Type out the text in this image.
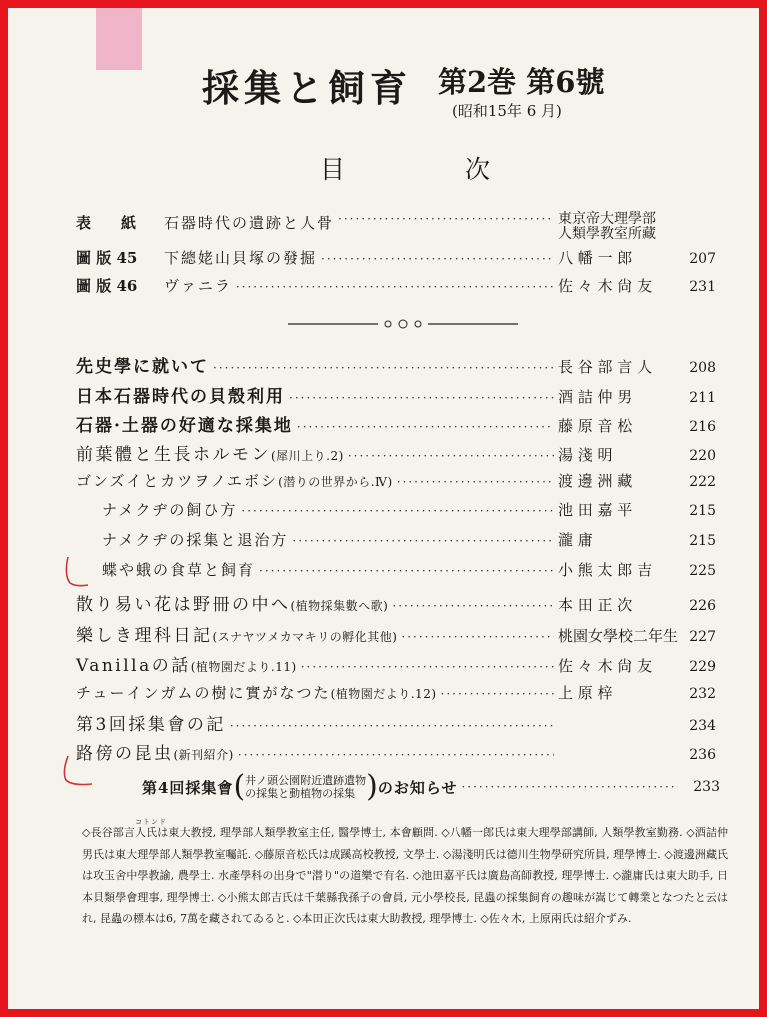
採集と飼育 第2巻 第6號
(昭和15年 6 月)
目	次
表　　紙	石器時代の遺跡と人骨 ·····	東京帝大理學部
人類學教室所藏
圖 版 45	下總姥山貝塚の發掘 ·····	八 幡 一 郎	207
圖 版 46	ヴァニラ ·····	佐 々 木 尙 友	231
先史學に就いて ·····	長 谷 部 言 人	208
日本石器時代の貝殼利用 ·····	酒 詰 仲 男	211
石器·土器の好適な採集地 ·····	藤 原 音 松	216
前葉體と生長ホルモン (犀川上り.2) ·····	湯 淺 明	220
ゴンズイとカツヲノエボシ (潜りの世界から.Ⅳ) ·····	渡 邊 洲 藏	222
ナメクヂの飼ひ方 ·····	池 田 嘉 平	215
ナメクヂの採集と退治方 ·····	瀧 庸	215
蝶や蛾の食草と飼育 ·····	小 熊 太 郎 吉	225
散り易い花は野冊の中へ (植物採集數へ歌) ·····	本 田 正 次	226
樂しき理科日記 (スナヤツメカマキリの孵化其他) ·····	桃園女學校二年生 227
Vanillaの話 (植物園だより.11) ·····	佐 々 木 尙 友	229
チューインガムの樹に實がなつた (植物園だより.12) ·····	上 原 梓	232
第3回採集會の記 ·····	234
路傍の昆虫 (新刊紹介) ·····	236
第4回採集會 ( 井ノ頭公園附近遺跡遺物
の採集と動植物の採集 ) のお知らせ ·····	233
コトンド
◇長谷部言人氏は東大教授, 理學部人類學教室主任, 醫學博士, 本會顧問. ◇八幡一郎氏は東大理學部講師, 人類學教室勤務. ◇酒詰仲男氏は東大理學部人類學教室囑託. ◇藤原音松氏は成蹊高校教授, 文學士. ◇湯淺明氏は德川生物學研究所員, 理學博士. ◇渡邊洲藏氏は攻玉舍中學教諭, 農學士. 水產學科の出身で"潜り"の道樂で有名. ◇池田嘉平氏は廣島高師教授, 理學博士. ◇瀧庸氏は東大助手, 日本貝類學會理事, 理學博士. ◇小熊太郎吉氏は千葉縣我孫子の會員, 元小學校長, 昆蟲の採集飼育の趣味が嵩じて轉業となつたと云はれ, 昆蟲の標本は6, 7萬を藏されてゐると. ◇本田正次氏は東大助教授, 理學博士. ◇佐々木, 上原兩氏は紹介ずみ.
